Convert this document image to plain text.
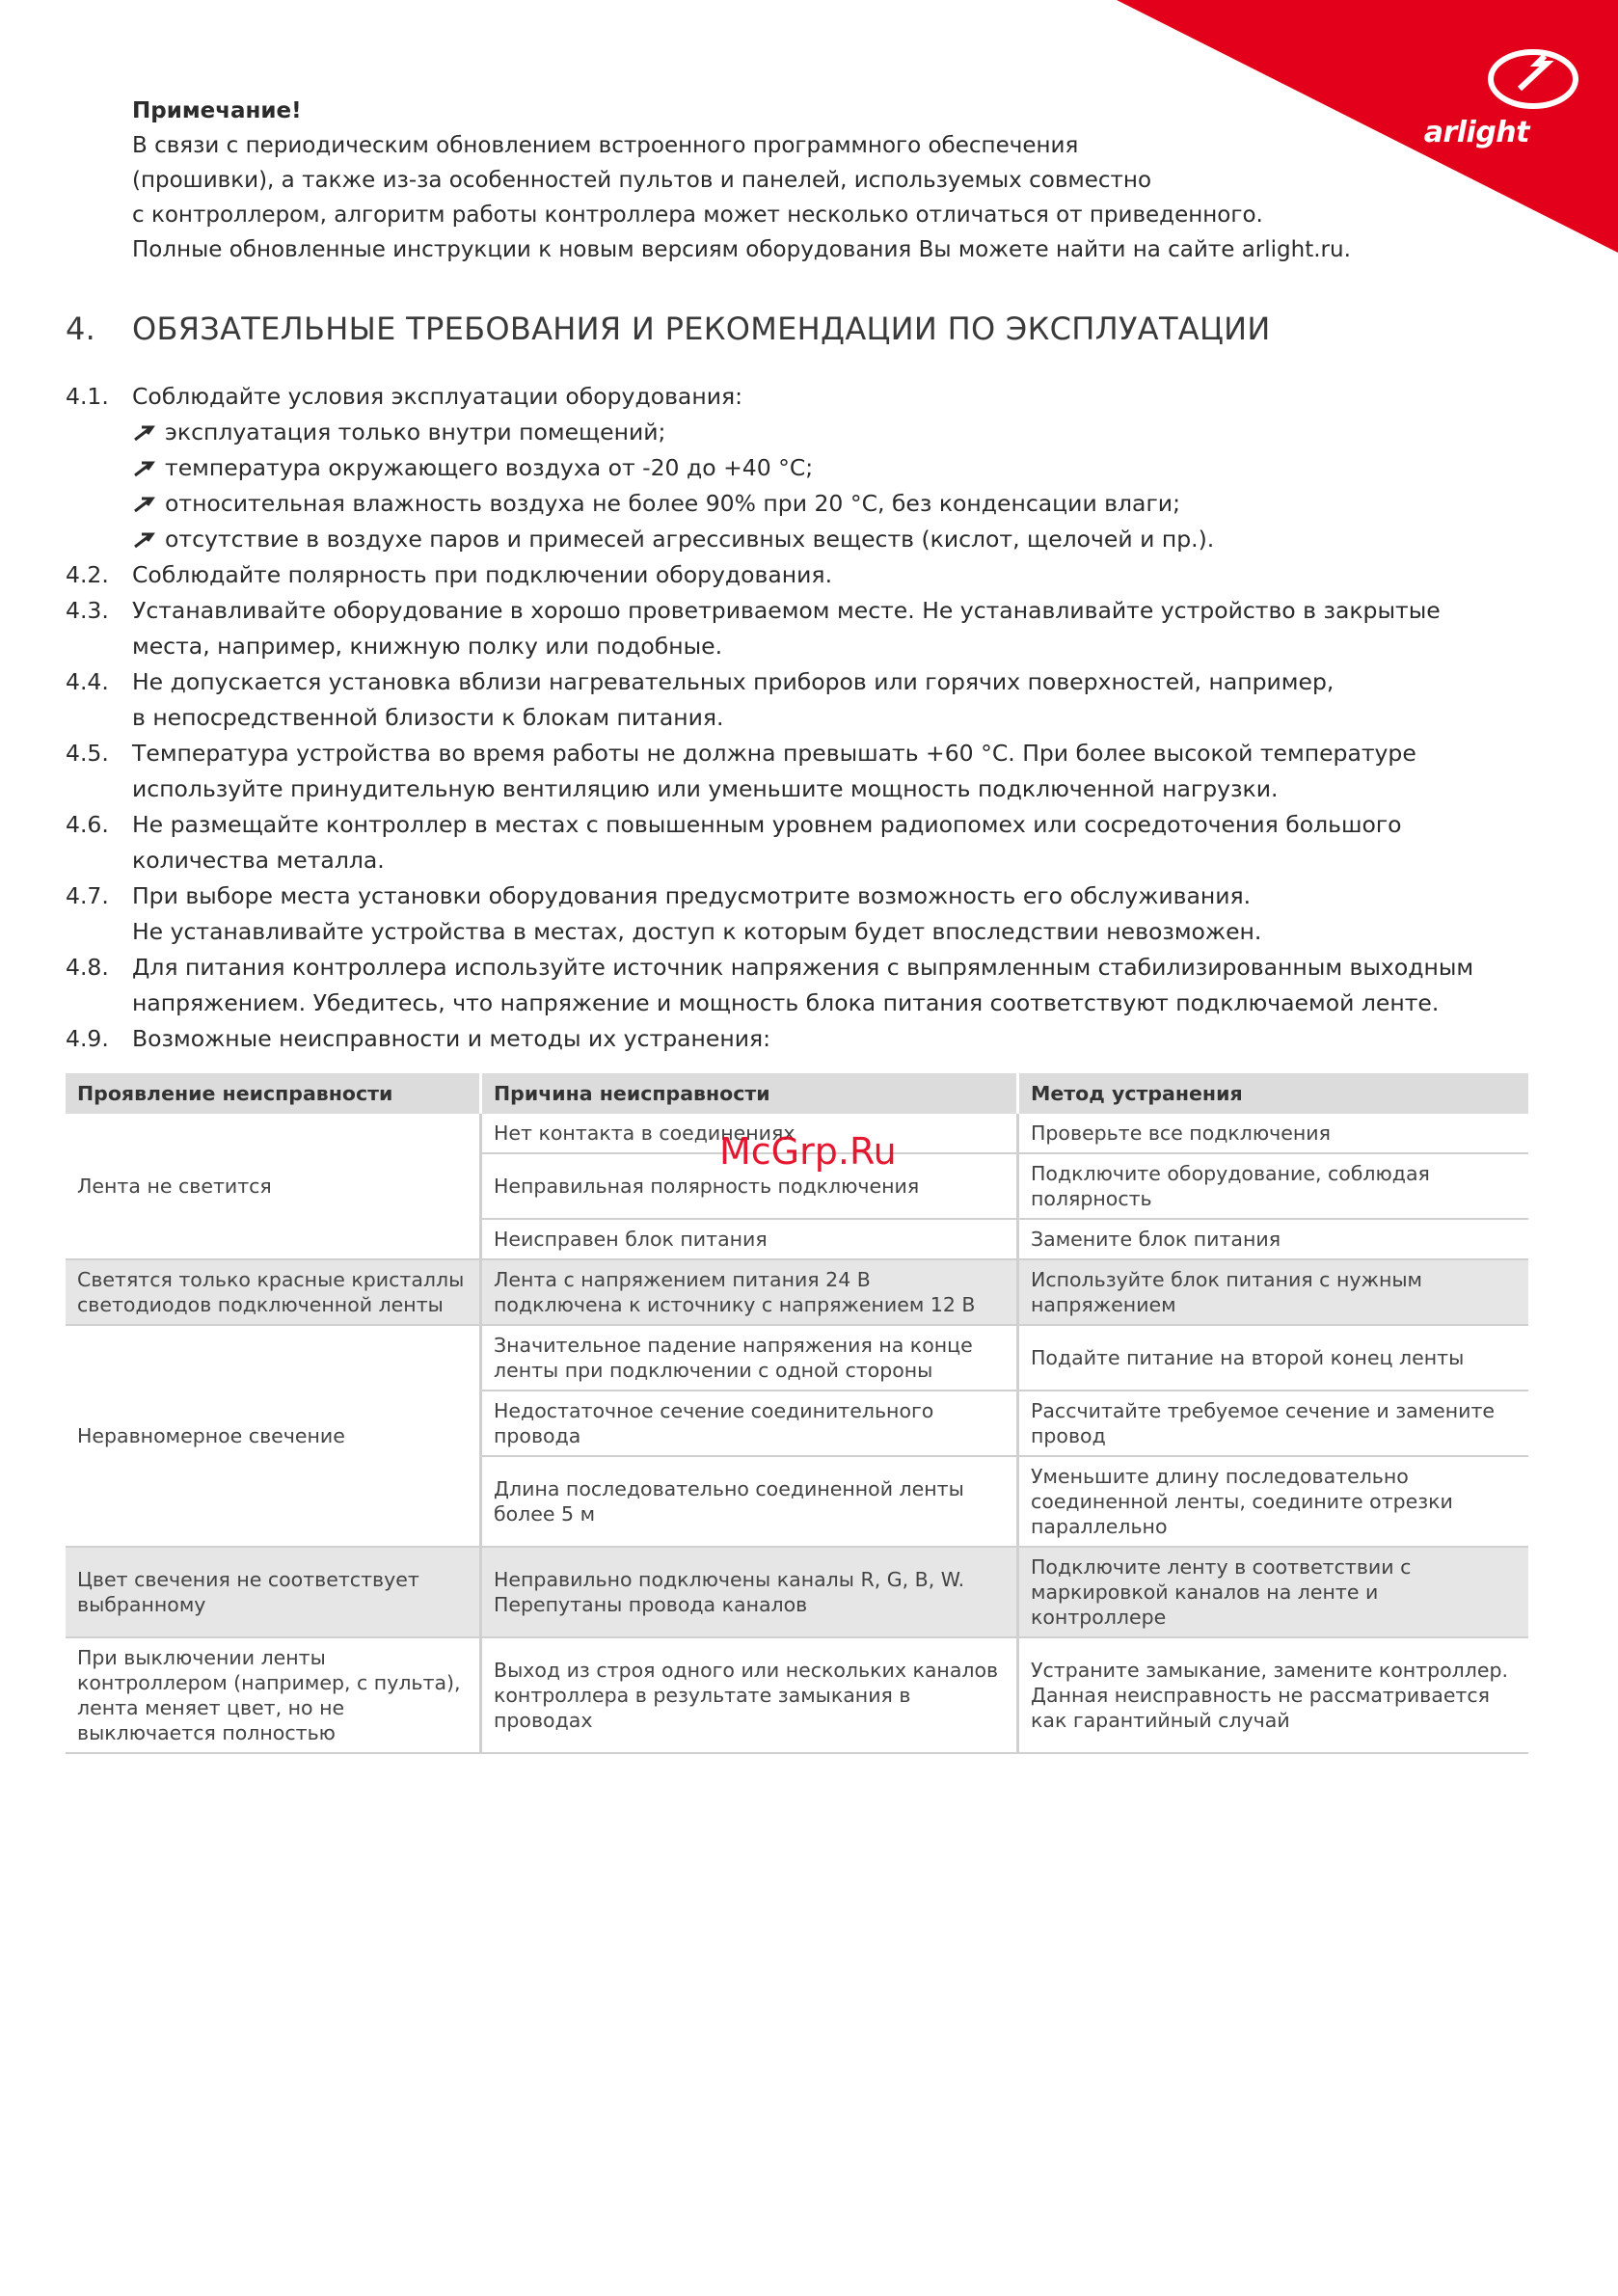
arlight
Примечание!
В связи с периодическим обновлением встроенного программного обеспечения
(прошивки), а также из-за особенностей пультов и панелей, используемых совместно
с контроллером, алгоритм работы контроллера может несколько отличаться от приведенного.
Полные обновленные инструкции к новым версиям оборудования Вы можете найти на сайте arlight.ru.
4. ОБЯЗАТЕЛЬНЫЕ ТРЕБОВАНИЯ И РЕКОМЕНДАЦИИ ПО ЭКСПЛУАТАЦИИ
4.1.	Соблюдайте условия эксплуатации оборудования:
эксплуатация только внутри помещений;
температура окружающего воздуха от -20 до +40 °С;
относительная влажность воздуха не более 90% при 20 °С, без конденсации влаги;
отсутствие в воздухе паров и примесей агрессивных веществ (кислот, щелочей и пр.).
4.2.	Соблюдайте полярность при подключении оборудования.
4.3.	Устанавливайте оборудование в хорошо проветриваемом месте. Не устанавливайте устройство в закрытые
места, например, книжную полку или подобные.
4.4.	Не допускается установка вблизи нагревательных приборов или горячих поверхностей, например,
в непосредственной близости к блокам питания.
4.5.	Температура устройства во время работы не должна превышать +60 °С. При более высокой температуре
используйте принудительную вентиляцию или уменьшите мощность подключенной нагрузки.
4.6.	Не размещайте контроллер в местах с повышенным уровнем радиопомех или сосредоточения большого
количества металла.
4.7.	При выборе места установки оборудования предусмотрите возможность его обслуживания.
Не устанавливайте устройства в местах, доступ к которым будет впоследствии невозможен.
4.8.	Для питания контроллера используйте источник напряжения с выпрямленным стабилизированным выходным
напряжением. Убедитесь, что напряжение и мощность блока питания соответствуют подключаемой ленте.
4.9.	Возможные неисправности и методы их устранения:
Проявление неисправности	Причина неисправности	Метод устранения
Лента не светится	Нет контакта в соединениях	Проверьте все подключения
	Неправильная полярность подключения	Подключите оборудование, соблюдая полярность
	Неисправен блок питания	Замените блок питания
Светятся только красные кристаллы светодиодов подключенной ленты	Лента с напряжением питания 24 В подключена к источнику с напряжением 12 В	Используйте блок питания с нужным напряжением
Неравномерное свечение	Значительное падение напряжения на конце ленты при подключении с одной стороны	Подайте питание на второй конец ленты
	Недостаточное сечение соединительного провода	Рассчитайте требуемое сечение и замените провод
	Длина последовательно соединенной ленты более 5 м	Уменьшите длину последовательно соединенной ленты, соедините отрезки параллельно
Цвет свечения не соответствует выбранному	Неправильно подключены каналы R, G, B, W. Перепутаны провода каналов	Подключите ленту в соответствии с маркировкой каналов на ленте и контроллере
При выключении ленты контроллером (например, с пульта), лента меняет цвет, но не выключается полностью	Выход из строя одного или нескольких каналов контроллера в результате замыкания в проводах	Устраните замыкание, замените контроллер. Данная неисправность не рассматривается как гарантийный случай
McGrp.Ru
